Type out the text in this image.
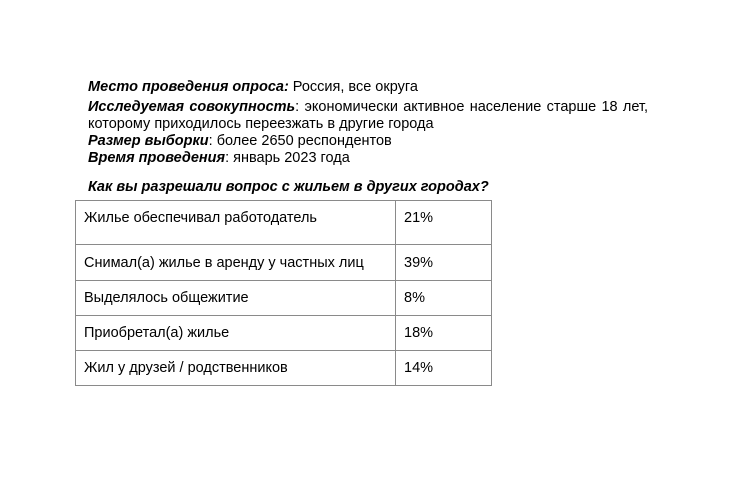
Место проведения опроса: Россия, все округа

Исследуемая совокупность: экономически активное население старше 18 лет, которому приходилось переезжать в другие города

Размер выборки: более 2650 респондентов

Время проведения: январь 2023 года

Как вы разрешали вопрос с жильем в других городах?
Жилье обеспечивал работодатель	21%
Снимал(а) жилье в аренду у частных лиц	39%
Выделялось общежитие	8%
Приобретал(а) жилье	18%
Жил у друзей / родственников	14%
